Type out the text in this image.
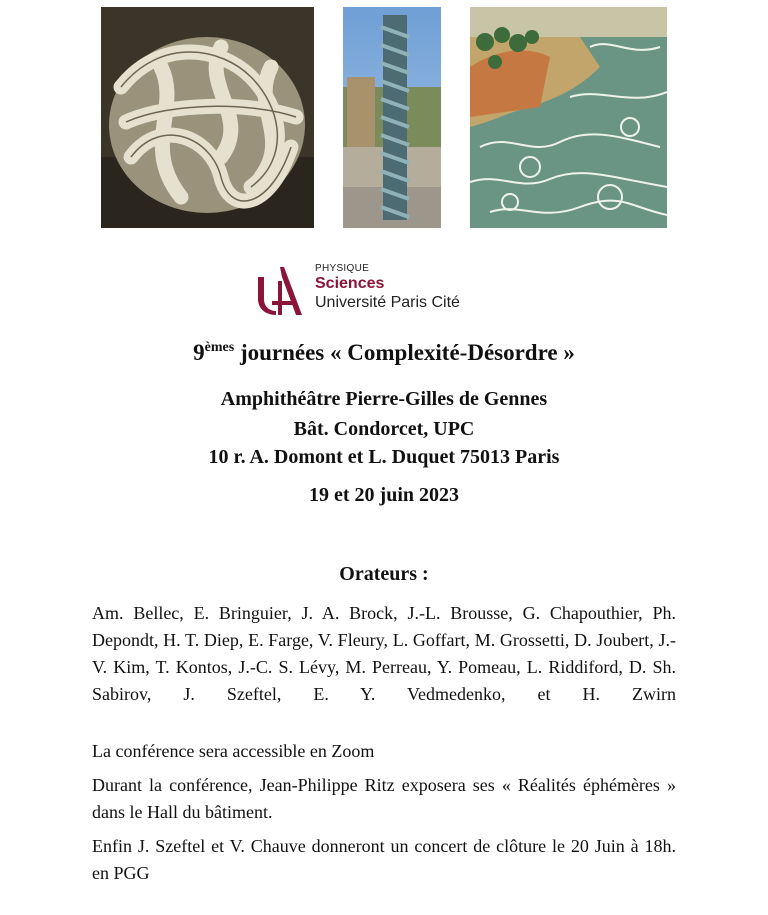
PHYSIQUE
Sciences
Université Paris Cité
9èmes journées « Complexité-Désordre »
Amphithéâtre Pierre-Gilles de Gennes
Bât. Condorcet, UPC
10 r. A. Domont et L. Duquet 75013 Paris
19 et 20 juin 2023
Orateurs :
Am. Bellec, E. Bringuier, J. A. Brock, J.-L. Brousse, G. Chapouthier, Ph. Depondt, H. T. Diep, E. Farge, V. Fleury, L. Goffart, M. Grossetti, D. Joubert, J.-V. Kim, T. Kontos, J.-C. S. Lévy, M. Perreau, Y. Pomeau, L. Riddiford, D. Sh. Sabirov, J. Szeftel, E. Y. Vedmedenko, et H. Zwirn
La conférence sera accessible en Zoom
Durant la conférence, Jean-Philippe Ritz exposera ses « Réalités éphémères » dans le Hall du bâtiment.
Enfin J. Szeftel et V. Chauve donneront un concert de clôture le 20 Juin à 18h. en PGG
